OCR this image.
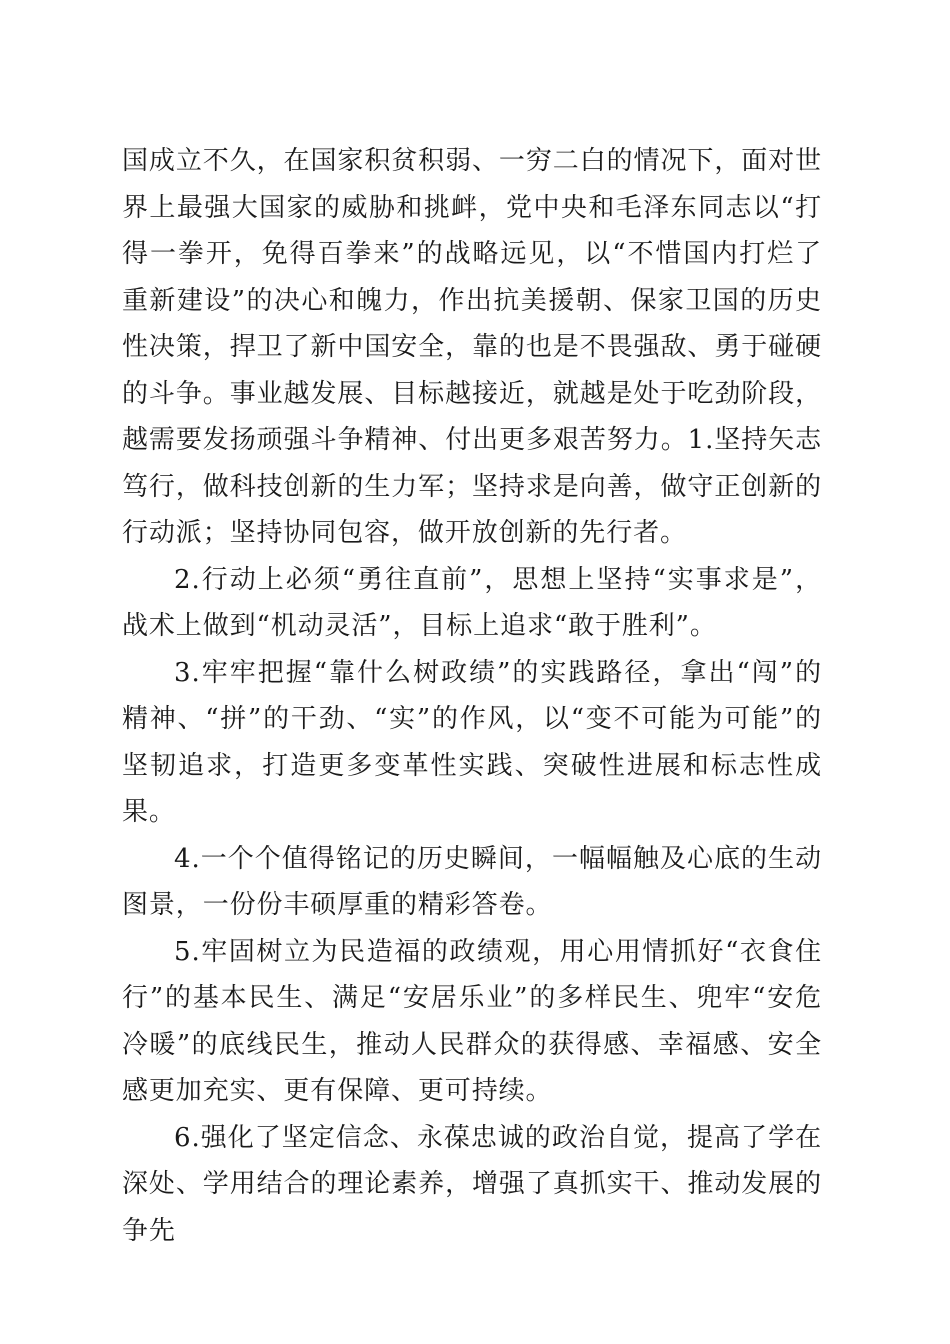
国成立不久，在国家积贫积弱、一穷二白的情况下，面对世界上最强大国家的威胁和挑衅，党中央和毛泽东同志以“打得一拳开，免得百拳来”的战略远见，以“不惜国内打烂了重新建设”的决心和魄力，作出抗美援朝、保家卫国的历史性决策，捍卫了新中国安全，靠的也是不畏强敌、勇于碰硬的斗争。事业越发展、目标越接近，就越是处于吃劲阶段，越需要发扬顽强斗争精神、付出更多艰苦努力。1.坚持矢志笃行，做科技创新的生力军；坚持求是向善，做守正创新的行动派；坚持协同包容，做开放创新的先行者。

2.行动上必须“勇往直前”，思想上坚持“实事求是”，战术上做到“机动灵活”，目标上追求“敢于胜利”。

3.牢牢把握“靠什么树政绩”的实践路径，拿出“闯”的精神、“拼”的干劲、“实”的作风，以“变不可能为可能”的坚韧追求，打造更多变革性实践、突破性进展和标志性成果。

4.一个个值得铭记的历史瞬间，一幅幅触及心底的生动图景，一份份丰硕厚重的精彩答卷。

5.牢固树立为民造福的政绩观，用心用情抓好“衣食住行”的基本民生、满足“安居乐业”的多样民生、兜牢“安危冷暖”的底线民生，推动人民群众的获得感、幸福感、安全感更加充实、更有保障、更可持续。

6.强化了坚定信念、永葆忠诚的政治自觉，提高了学在深处、学用结合的理论素养，增强了真抓实干、推动发展的争先
